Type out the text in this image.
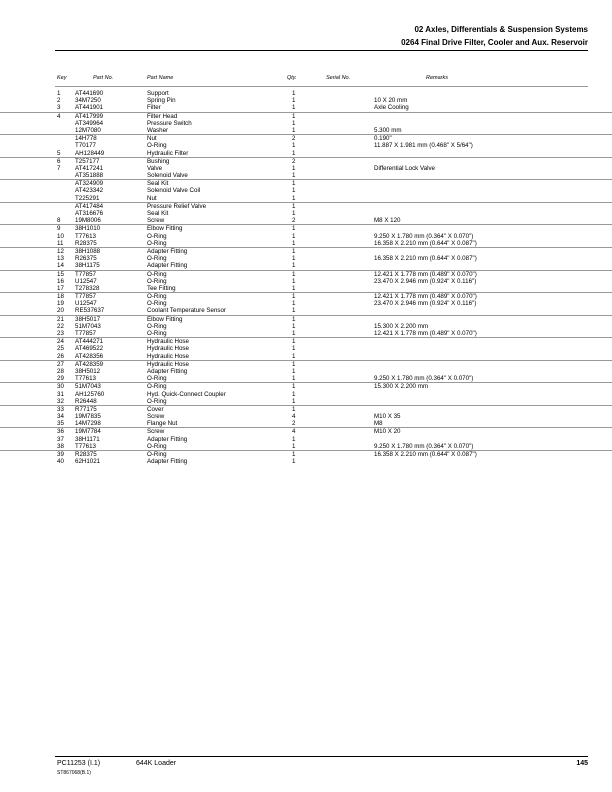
02 Axles, Differentials & Suspension Systems
0264 Final Drive Filter, Cooler and Aux. Reservoir
Key	Part No.	Part Name	Qty.	Serial No.	Remarks
1 AT441690	Support	1
2 34M7250	Spring Pin	1	10 X 20 mm
3 AT441901	Filter	1	Axle Cooling
4 AT417999	Filter Head	1
AT349964	Pressure Switch	1
12M7080	Washer	1	5.300 mm
14H778	Nut	2	0.190"
T70177	O-Ring	1	11.887 X 1.981 mm (0.468" X 5/64")
5 AH128449	Hydraulic Filter	1
6 T257177	Bushing	2
7 AT417241	Valve	1	Differential Lock Valve
AT351888	Solenoid Valve	1
AT324909	Seal Kit	1
AT423342	Solenoid Valve Coil	1
T225291	Nut	1
AT417484	Pressure Relief Valve	1
AT316676	Seal Kit	1
8 19M8006	Screw	2	M8 X 120
9 38H1010	Elbow Fitting	1
10 T77613	O-Ring	1	9.250 X 1.780 mm (0.364" X 0.070")
11 R28375	O-Ring	1	16.358 X 2.210 mm (0.644" X 0.087")
12 38H1088	Adapter Fitting	1
13 R26375	O-Ring	1	16.358 X 2.210 mm (0.644" X 0.087")
14 38H1175	Adapter Fitting	1
15 T77857	O-Ring	1	12.421 X 1.778 mm (0.489" X 0.070")
16 U12547	O-Ring	1	23.470 X 2.946 mm (0.924" X 0.116")
17 T278328	Tee Fitting	1
18 T77857	O-Ring	1	12.421 X 1.778 mm (0.489" X 0.070")
19 U12547	O-Ring	1	23.470 X 2.946 mm (0.924" X 0.116")
20 RE537637	Coolant Temperature Sensor	1
21 38H5017	Elbow Fitting	1
22 51M7043	O-Ring	1	15.300 X 2.200 mm
23 T77857	O-Ring	1	12.421 X 1.778 mm (0.489" X 0.070")
24 AT444271	Hydraulic Hose	1
25 AT469522	Hydraulic Hose	1
26 AT428356	Hydraulic Hose	1
27 AT428359	Hydraulic Hose	1
28 38H5012	Adapter Fitting	1
29 T77613	O-Ring	1	9.250 X 1.780 mm (0.364" X 0.070")
30 51M7043	O-Ring	1	15.300 X 2.200 mm
31 AH125760	Hyd. Quick-Connect Coupler	1
32 R26448	O-Ring	1
33 R77175	Cover	1
34 19M7835	Screw	4	M10 X 35
35 14M7298	Flange Nut	2	M8
36 19M7784	Screw	4	M10 X 20
37 38H1171	Adapter Fitting	1
38 T77613	O-Ring	1	9.250 X 1.780 mm (0.364" X 0.070")
39 R28375	O-Ring	1	16.358 X 2.210 mm (0.644" X 0.087")
40 62H1021	Adapter Fitting	1
PC11253 (I.1)	644K Loader	145
ST867068(B.1)
